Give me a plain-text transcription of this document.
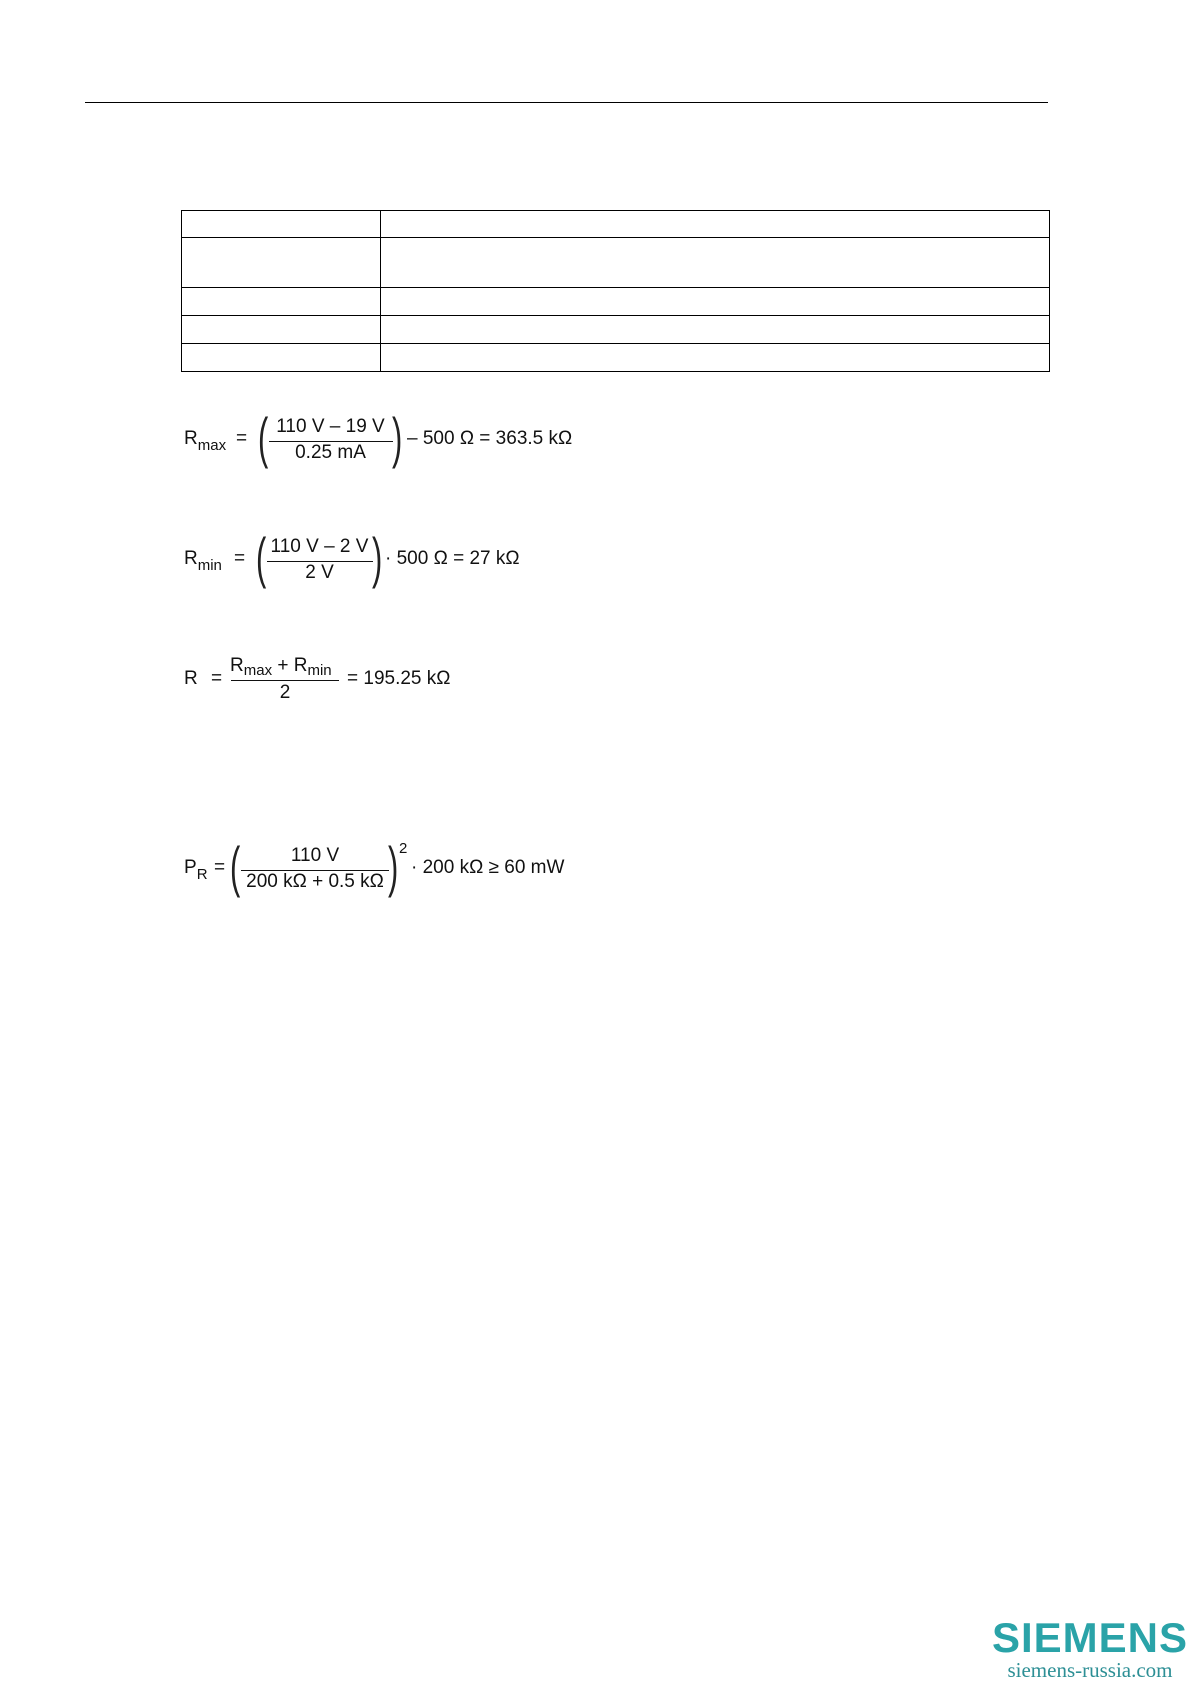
$R_{max}$ = ( 110 V – 19 V
0.25 mA ) – 500 Ω = 363.5 kΩ
$R_{min}$ = ( 110 V – 2 V
2 V ) · 500 Ω = 27 kΩ
R =
$R_{max} + R_{min}$
2
= 195.25 kΩ
$P_R$ = (	110 V
200 kΩ + 0.5 kΩ ) 2
· 200 kΩ ≥ 60 mW
SIEMENS
siemens-russia.com
